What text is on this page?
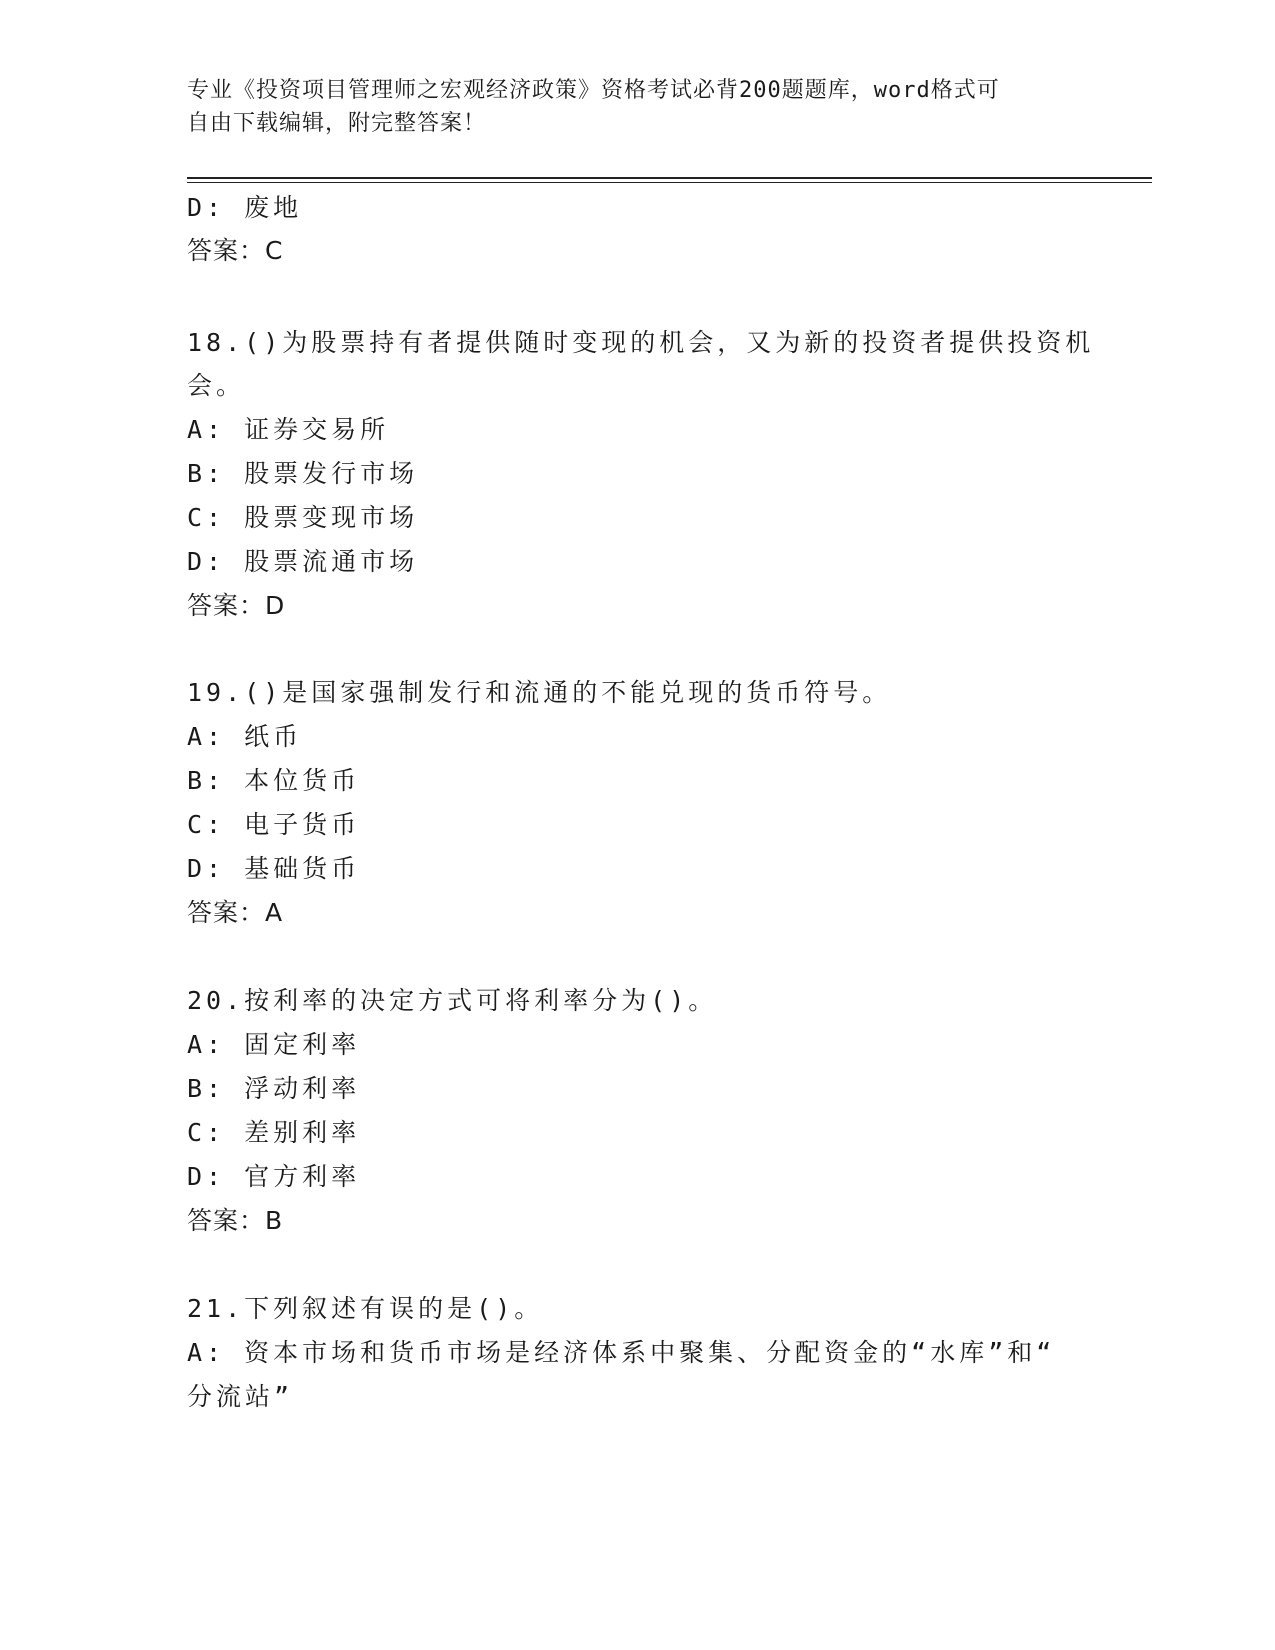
专业《投资项目管理师之宏观经济政策》资格考试必背200题题库，word格式可
自由下载编辑，附完整答案！
D: 废地
答案：C
18.()为股票持有者提供随时变现的机会，又为新的投资者提供投资机
会。
A: 证券交易所
B: 股票发行市场
C: 股票变现市场
D: 股票流通市场
答案：D
19.()是国家强制发行和流通的不能兑现的货币符号。
A: 纸币
B: 本位货币
C: 电子货币
D: 基础货币
答案：A
20.按利率的决定方式可将利率分为()。
A: 固定利率
B: 浮动利率
C: 差别利率
D: 官方利率
答案：B
21.下列叙述有误的是()。
A: 资本市场和货币市场是经济体系中聚集、分配资金的“水库”和“
分流站”
